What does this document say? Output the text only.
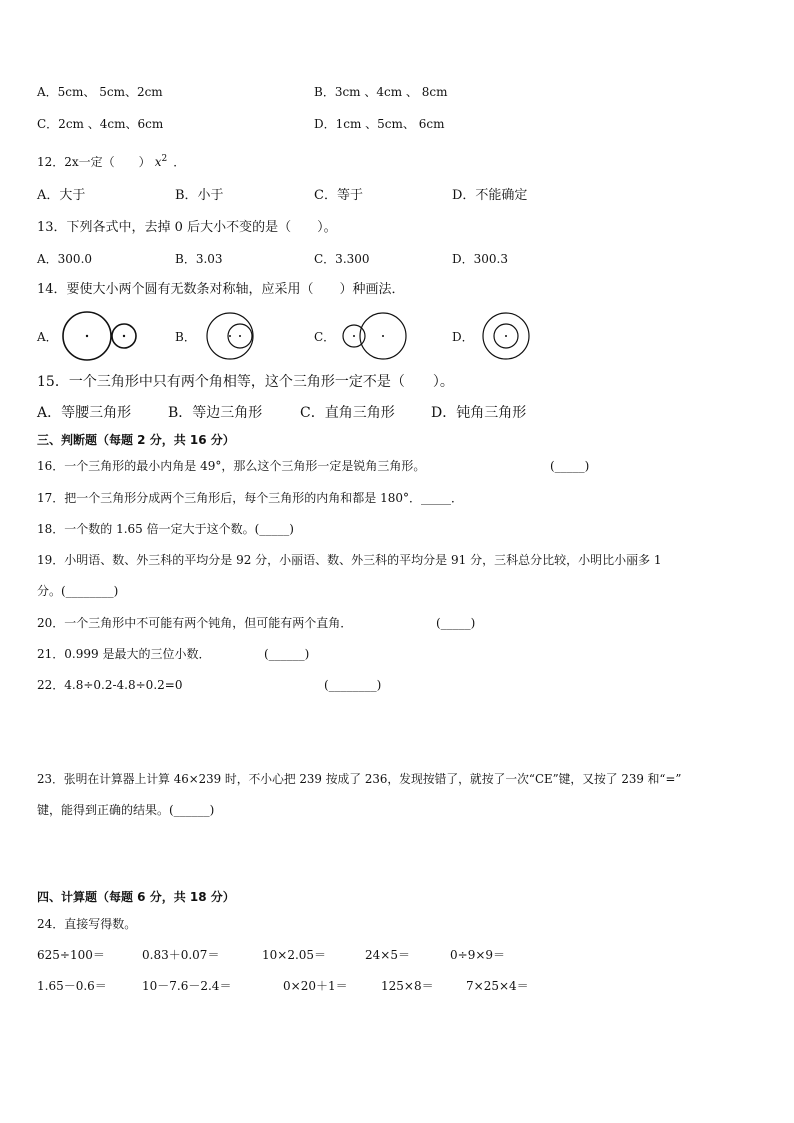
A．5cm、 5cm、2cm	B．3cm 、4cm 、 8cm
C．2cm 、4cm、6cm	D．1cm 、5cm、 6cm
12．2x一定（　　） $x^2$ ．
A．大于	B．小于	C．等于	D．不能确定
13．下列各式中，去掉 0 后大小不变的是（　　）。
A．300.0	B．3.03	C．3.300	D．300.3
14．要使大小两个圆有无数条对称轴，应采用（　　）种画法．
A．	B．	C．	D．
15．一个三角形中只有两个角相等，这个三角形一定不是（　　）。
A．等腰三角形	B．等边三角形	C．直角三角形	D．钝角三角形
三、判断题（每题 2 分，共 16 分）
16．一个三角形的最小内角是 49°，那么这个三角形一定是锐角三角形。	(_____)
17．把一个三角形分成两个三角形后，每个三角形的内角和都是 180°．_____．
18．一个数的 1.65 倍一定大于这个数。(_____)
19．小明语、数、外三科的平均分是 92 分，小丽语、数、外三科的平均分是 91 分，三科总分比较，小明比小丽多 1
分。(________)
20．一个三角形中不可能有两个钝角，但可能有两个直角．	(_____)
21．0.999 是最大的三位小数．	(______)
22．4.8÷0.2-4.8÷0.2=0	(________)
23．张明在计算器上计算 46×239 时，不小心把 239 按成了 236，发现按错了，就按了一次“CE”键，又按了 239 和“=”
键，能得到正确的结果。(______)
四、计算题（每题 6 分，共 18 分）
24．直接写得数。
625÷100＝	0.83＋0.07＝	10×2.05＝	24×5＝	0÷9×9＝
1.65－0.6＝	10－7.6－2.4＝	0×20＋1＝	125×8＝	7×25×4＝
